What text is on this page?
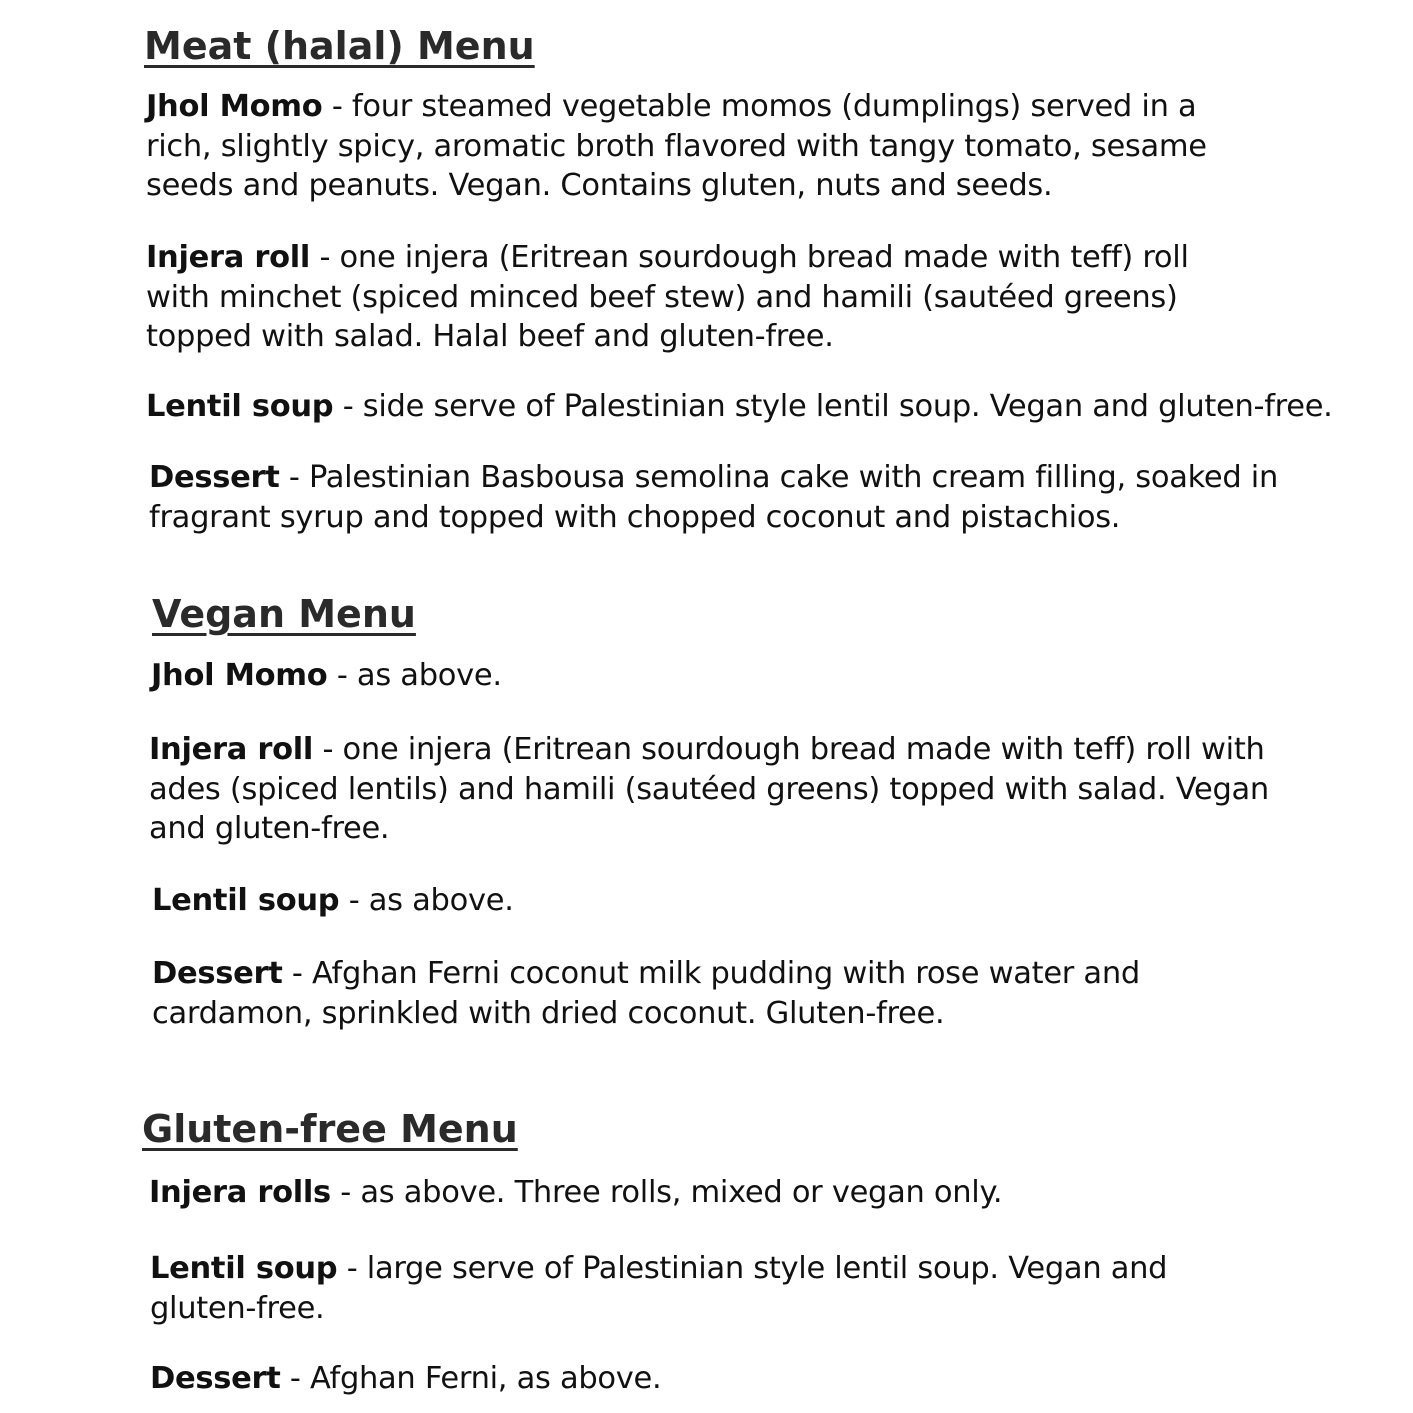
Meat (halal) Menu

Jhol Momo - four steamed vegetable momos (dumplings) served in a rich, slightly spicy, aromatic broth flavored with tangy tomato, sesame seeds and peanuts. Vegan. Contains gluten, nuts and seeds.

Injera roll - one injera (Eritrean sourdough bread made with teff) roll with minchet (spiced minced beef stew) and hamili (sautéed greens) topped with salad. Halal beef and gluten-free.

Lentil soup - side serve of Palestinian style lentil soup. Vegan and gluten-free.

Dessert - Palestinian Basbousa semolina cake with cream filling, soaked in fragrant syrup and topped with chopped coconut and pistachios.

Vegan Menu

Jhol Momo - as above.

Injera roll - one injera (Eritrean sourdough bread made with teff) roll with ades (spiced lentils) and hamili (sautéed greens) topped with salad. Vegan and gluten-free.

Lentil soup - as above.

Dessert - Afghan Ferni coconut milk pudding with rose water and cardamon, sprinkled with dried coconut. Gluten-free.

Gluten-free Menu

Injera rolls - as above. Three rolls, mixed or vegan only.

Lentil soup - large serve of Palestinian style lentil soup. Vegan and gluten-free.

Dessert - Afghan Ferni, as above.
